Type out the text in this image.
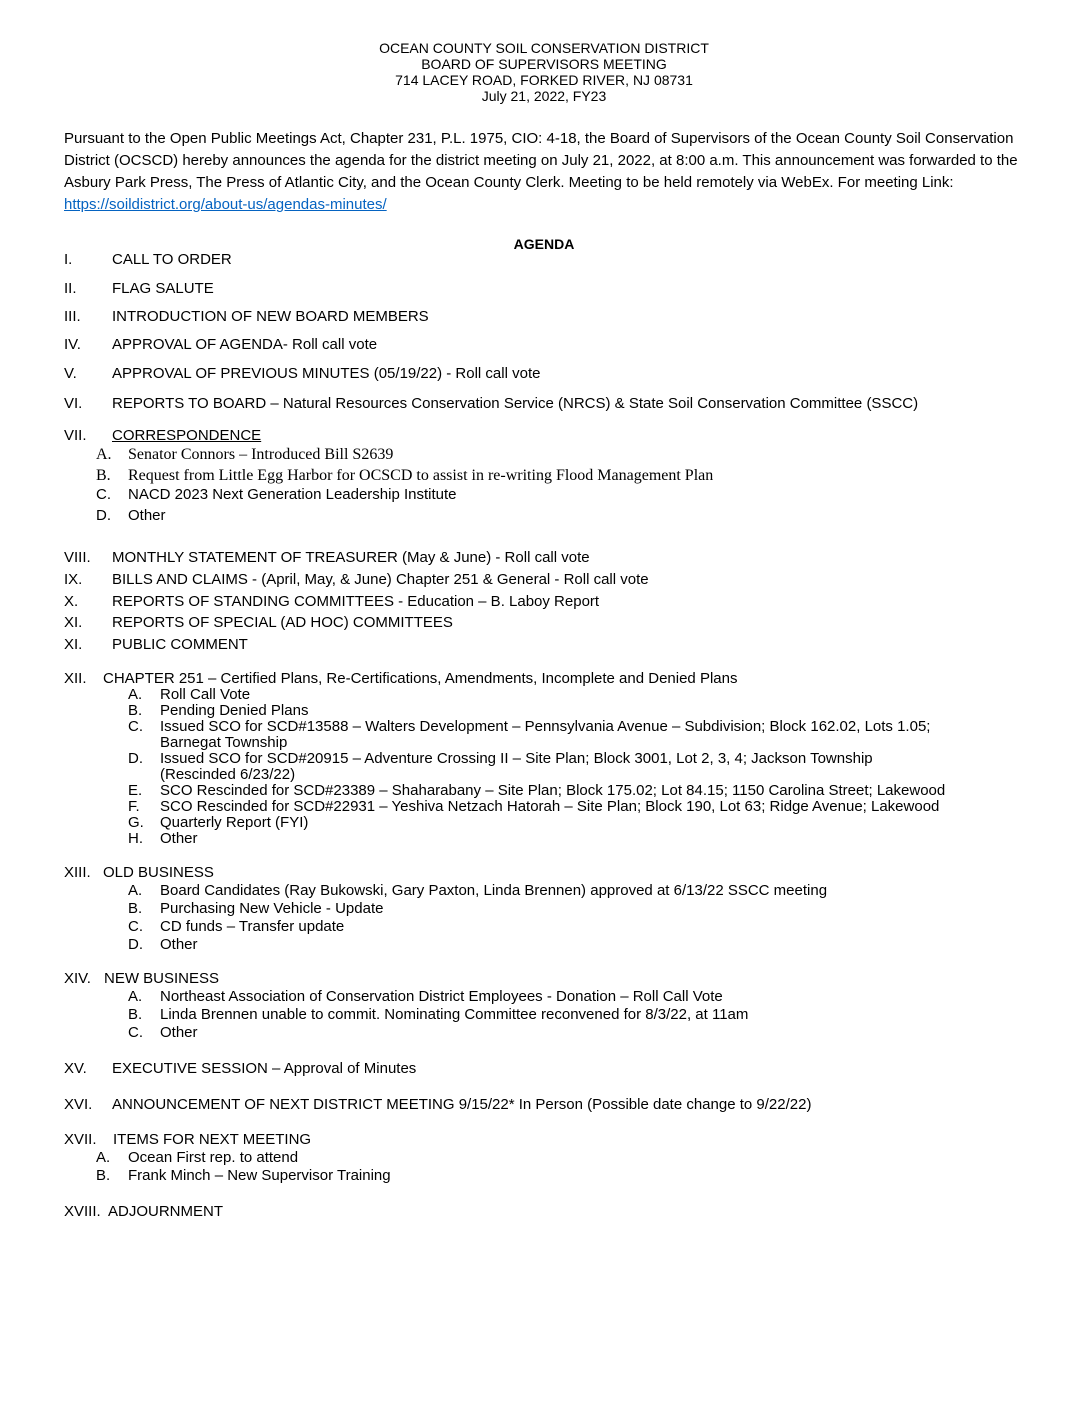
OCEAN COUNTY SOIL CONSERVATION DISTRICT
BOARD OF SUPERVISORS MEETING
714 LACEY ROAD, FORKED RIVER, NJ 08731
July 21, 2022, FY23
Pursuant to the Open Public Meetings Act, Chapter 231, P.L. 1975, CIO: 4-18, the Board of Supervisors of the Ocean County Soil Conservation District (OCSCD) hereby announces the agenda for the district meeting on July 21, 2022, at 8:00 a.m. This announcement was forwarded to the Asbury Park Press, The Press of Atlantic City, and the Ocean County Clerk. Meeting to be held remotely via WebEx. For meeting Link: https://soildistrict.org/about-us/agendas-minutes/
AGENDA
I.	CALL TO ORDER
II. FLAG SALUTE
III. INTRODUCTION OF NEW BOARD MEMBERS
IV. APPROVAL OF AGENDA- Roll call vote
V. APPROVAL OF PREVIOUS MINUTES (05/19/22) - Roll call vote
VI. REPORTS TO BOARD – Natural Resources Conservation Service (NRCS) & State Soil Conservation Committee (SSCC)
VII. CORRESPONDENCE
A. Senator Connors – Introduced Bill S2639
B. Request from Little Egg Harbor for OCSCD to assist in re-writing Flood Management Plan
C. NACD 2023 Next Generation Leadership Institute
D. Other
VIII. MONTHLY STATEMENT OF TREASURER (May & June) - Roll call vote
IX. BILLS AND CLAIMS - (April, May, & June) Chapter 251 & General - Roll call vote
X. REPORTS OF STANDING COMMITTEES - Education – B. Laboy Report
XI. REPORTS OF SPECIAL (AD HOC) COMMITTEES
XI. PUBLIC COMMENT
XII. CHAPTER 251 – Certified Plans, Re-Certifications, Amendments, Incomplete and Denied Plans
A. Roll Call Vote
B. Pending Denied Plans
C. Issued SCO for SCD#13588 – Walters Development – Pennsylvania Avenue – Subdivision; Block 162.02, Lots 1.05;
Barnegat Township
D. Issued SCO for SCD#20915 – Adventure Crossing II – Site Plan; Block 3001, Lot 2, 3, 4; Jackson Township
(Rescinded 6/23/22)
E. SCO Rescinded for SCD#23389 – Shaharabany – Site Plan; Block 175.02; Lot 84.15; 1150 Carolina Street; Lakewood
F. SCO Rescinded for SCD#22931 – Yeshiva Netzach Hatorah – Site Plan; Block 190, Lot 63; Ridge Avenue; Lakewood
G. Quarterly Report (FYI)
H. Other
XIII. OLD BUSINESS
A. Board Candidates (Ray Bukowski, Gary Paxton, Linda Brennen) approved at 6/13/22 SSCC meeting
B. Purchasing New Vehicle - Update
C. CD funds – Transfer update
D. Other
XIV. NEW BUSINESS
A. Northeast Association of Conservation District Employees - Donation – Roll Call Vote
B. Linda Brennen unable to commit. Nominating Committee reconvened for 8/3/22, at 11am
C. Other
XV. EXECUTIVE SESSION – Approval of Minutes
XVI. ANNOUNCEMENT OF NEXT DISTRICT MEETING 9/15/22* In Person (Possible date change to 9/22/22)
XVII. ITEMS FOR NEXT MEETING
A. Ocean First rep. to attend
B. Frank Minch – New Supervisor Training
XVIII. ADJOURNMENT
